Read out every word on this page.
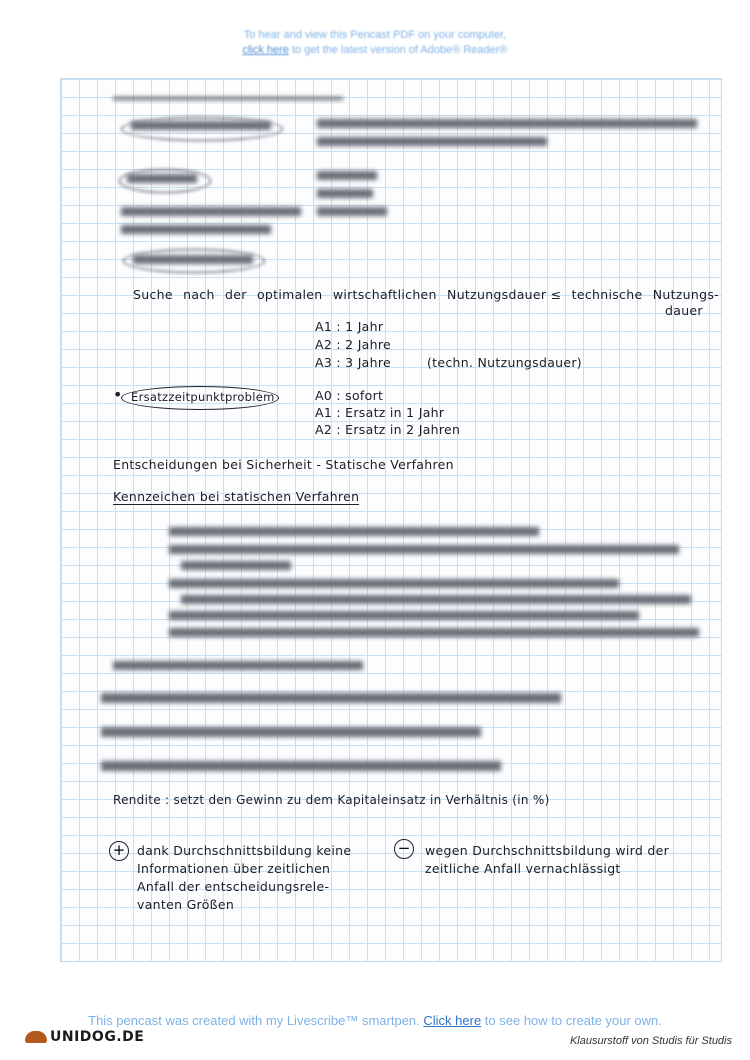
To hear and view this Pencast PDF on your computer,
click here to get the latest version of Adobe® Reader®
Suche nach der optimalen wirtschaftlichen Nutzungsdauer ≤ technische Nutzungs-
dauer
A1 : 1 Jahr
A2 : 2 Jahre
A3 : 3 Jahre	(techn. Nutzungsdauer)
• Ersatzzeitpunktproblem	A0 : sofort
A1 : Ersatz in 1 Jahr
A2 : Ersatz in 2 Jahren
Entscheidungen bei Sicherheit - Statische Verfahren
Kennzeichen bei statischen Verfahren
Rendite : setzt den Gewinn zu dem Kapitaleinsatz in Verhältnis (in %)
+ dank Durchschnittsbildung keine
Informationen über zeitlichen
Anfall der entscheidungsrele-
vanten Größen
− wegen Durchschnittsbildung wird der
zeitliche Anfall vernachlässigt
This pencast was created with my Livescribe™ smartpen. Click here to see how to create your own.
UNIDOG.DE	Klausurstoff von Studis für Studis
